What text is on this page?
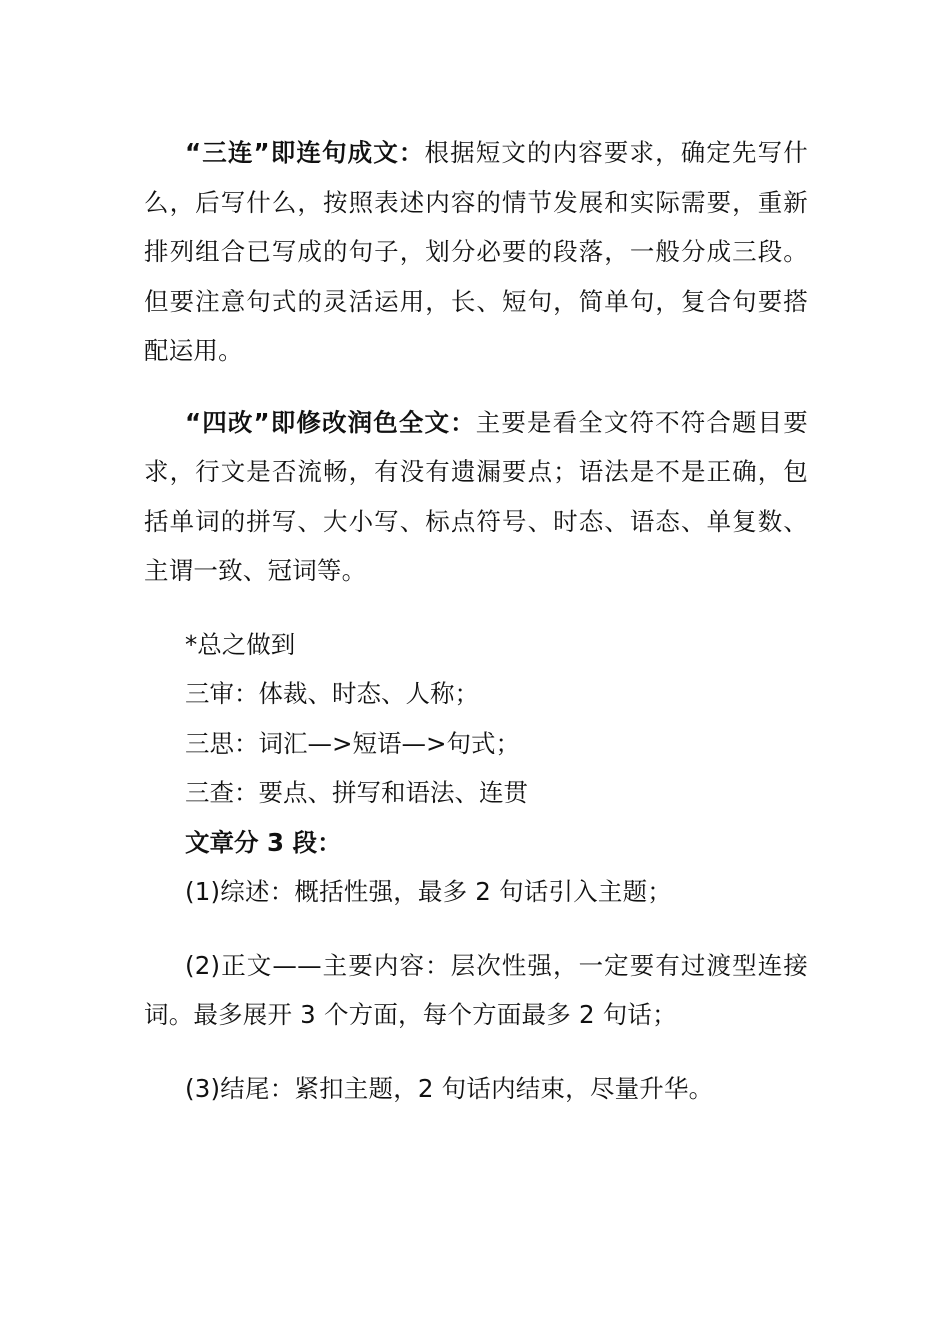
“三连”即连句成文：根据短文的内容要求，确定先写什么，后写什么，按照表述内容的情节发展和实际需要，重新排列组合已写成的句子，划分必要的段落，一般分成三段。但要注意句式的灵活运用，长、短句，简单句，复合句要搭配运用。

“四改”即修改润色全文：主要是看全文符不符合题目要求，行文是否流畅，有没有遗漏要点；语法是不是正确，包括单词的拼写、大小写、标点符号、时态、语态、单复数、主谓一致、冠词等。

*总之做到

三审：体裁、时态、人称；

三思：词汇—>短语—>句式；

三查：要点、拼写和语法、连贯

文章分 3 段：

(1)综述：概括性强，最多 2 句话引入主题；

(2)正文——主要内容：层次性强，一定要有过渡型连接词。最多展开 3 个方面，每个方面最多 2 句话；

(3)结尾：紧扣主题，2 句话内结束，尽量升华。
